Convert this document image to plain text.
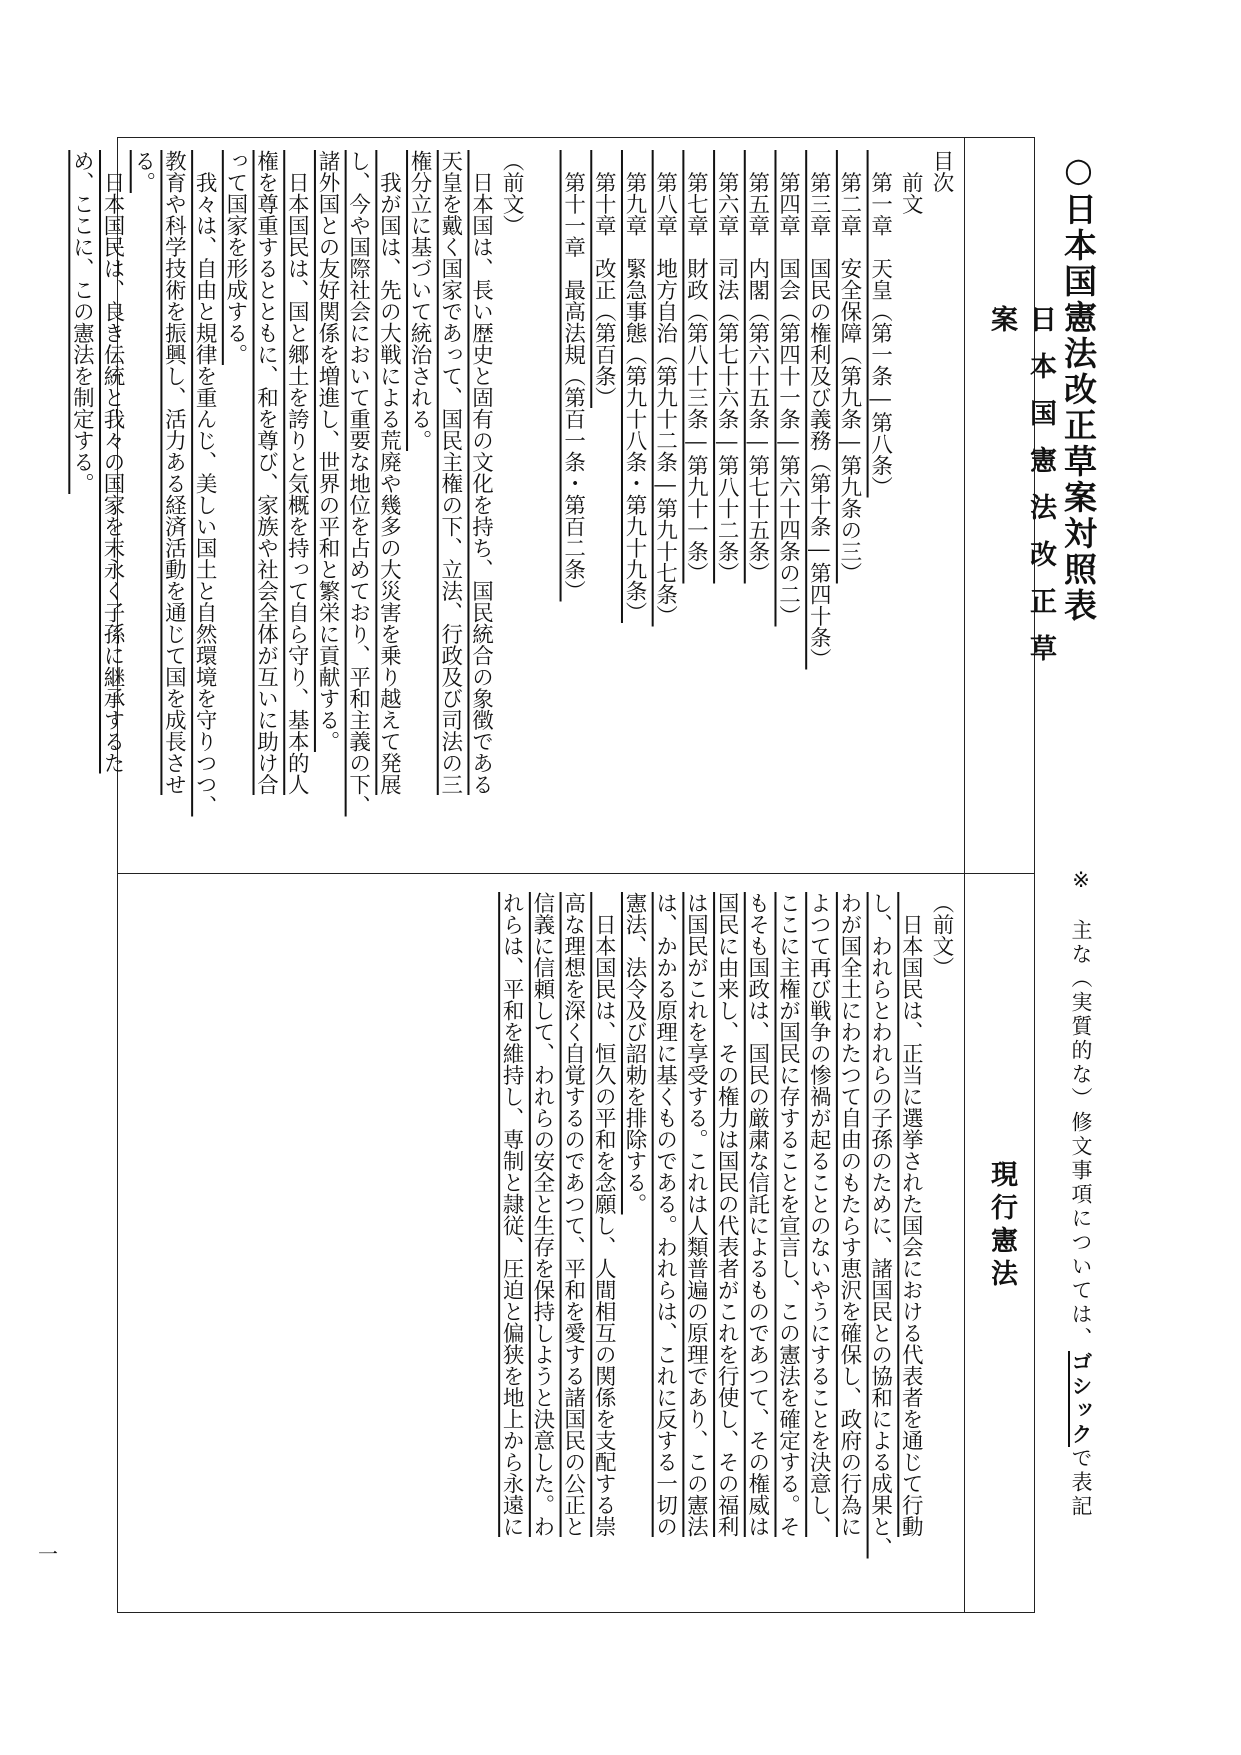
○日本国憲法改正草案対照表
※　主な（実質的な）修文事項については、ゴシックで表記
日本国憲法改正草案
現行憲法
目次
　前文
　第一章　天皇（第一条―第八条）
　第二章　安全保障（第九条―第九条の三）
　第三章　国民の権利及び義務（第十条―第四十条）
　第四章　国会（第四十一条―第六十四条の二）
　第五章　内閣（第六十五条―第七十五条）
　第六章　司法（第七十六条―第八十二条）
　第七章　財政（第八十三条―第九十一条）
　第八章　地方自治（第九十二条―第九十七条）
　第九章　緊急事態（第九十八条・第九十九条）
　第十章　改正（第百条）
　第十一章　最高法規（第百一条・第百二条）

（前文）
　日本国は、長い歴史と固有の文化を持ち、国民統合の象徴である
天皇を戴く国家であって、国民主権の下、立法、行政及び司法の三
権分立に基づいて統治される。
　我が国は、先の大戦による荒廃や幾多の大災害を乗り越えて発展
し、今や国際社会において重要な地位を占めており、平和主義の下、
諸外国との友好関係を増進し、世界の平和と繁栄に貢献する。
　日本国民は、国と郷土を誇りと気概を持って自ら守り、基本的人
権を尊重するとともに、和を尊び、家族や社会全体が互いに助け合
って国家を形成する。
　我々は、自由と規律を重んじ、美しい国土と自然環境を守りつつ、
教育や科学技術を振興し、活力ある経済活動を通じて国を成長させ
る。
　日本国民は、良き伝統と我々の国家を末永く子孫に継承するた
め、ここに、この憲法を制定する。
（前文）
　日本国民は、正当に選挙された国会における代表者を通じて行動
し、われらとわれらの子孫のために、諸国民との協和による成果と、
わが国全土にわたつて自由のもたらす恵沢を確保し、政府の行為に
よつて再び戦争の惨禍が起ることのないやうにすることを決意し、
ここに主権が国民に存することを宣言し、この憲法を確定する。そ
もそも国政は、国民の厳粛な信託によるものであつて、その権威は
国民に由来し、その権力は国民の代表者がこれを行使し、その福利
は国民がこれを享受する。これは人類普遍の原理であり、この憲法
は、かかる原理に基くものである。われらは、これに反する一切の
憲法、法令及び詔勅を排除する。
　日本国民は、恒久の平和を念願し、人間相互の関係を支配する崇
高な理想を深く自覚するのであつて、平和を愛する諸国民の公正と
信義に信頼して、われらの安全と生存を保持しようと決意した。わ
れらは、平和を維持し、専制と隷従、圧迫と偏狭を地上から永遠に
一
